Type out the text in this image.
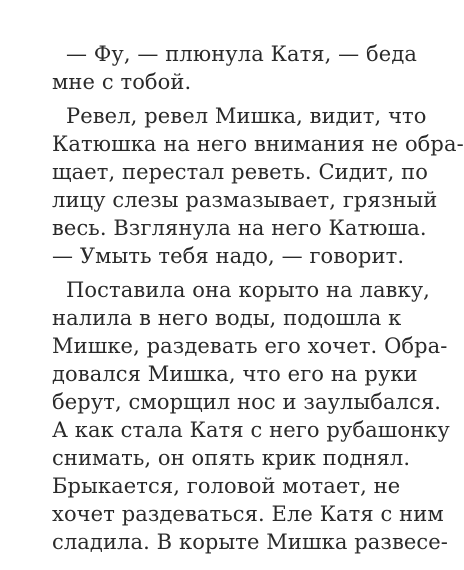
— Фу, — плюнула Катя, — беда
мне с тобой.
Ревел, ревел Мишка, видит, что
Катюшка на него внимания не обра-
щает, перестал реветь. Сидит, по
лицу слезы размазывает, грязный
весь. Взглянула на него Катюша.
— Умыть тебя надо, — говорит.
Поставила она корыто на лавку,
налила в него воды, подошла к
Мишке, раздевать его хочет. Обра-
довался Мишка, что его на руки
берут, сморщил нос и заулыбался.
А как стала Катя с него рубашонку
снимать, он опять крик поднял.
Брыкается, головой мотает, не
хочет раздеваться. Еле Катя с ним
сладила. В корыте Мишка развесе-
